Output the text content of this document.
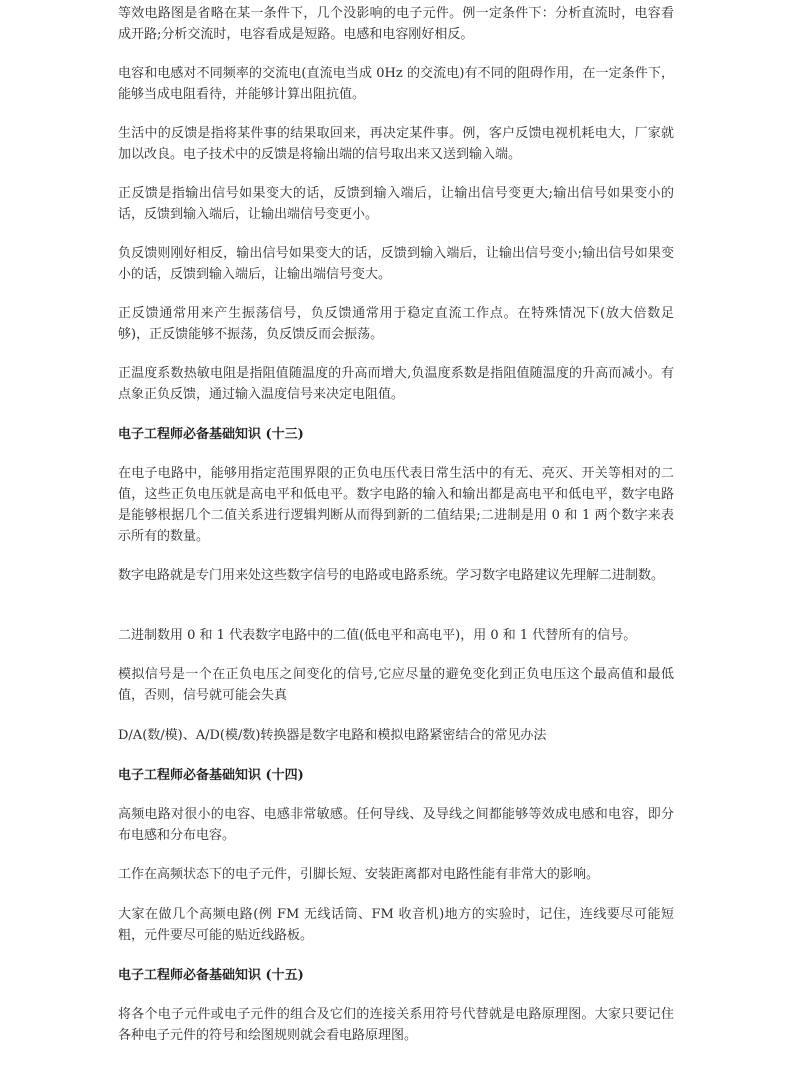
等效电路图是省略在某一条件下，几个没影响的电子元件。例一定条件下：分析直流时，电容看成开路;分析交流时，电容看成是短路。电感和电容刚好相反。

电容和电感对不同频率的交流电(直流电当成 0Hz 的交流电)有不同的阻碍作用，在一定条件下，能够当成电阻看待，并能够计算出阻抗值。

生活中的反馈是指将某件事的结果取回来，再决定某件事。例，客户反馈电视机耗电大，厂家就加以改良。电子技术中的反馈是将输出端的信号取出来又送到输入端。

正反馈是指输出信号如果变大的话，反馈到输入端后，让输出信号变更大;输出信号如果变小的话，反馈到输入端后，让输出端信号变更小。

负反馈则刚好相反，输出信号如果变大的话，反馈到输入端后，让输出信号变小;输出信号如果变小的话，反馈到输入端后，让输出端信号变大。

正反馈通常用来产生振荡信号，负反馈通常用于稳定直流工作点。在特殊情况下(放大倍数足够)，正反馈能够不振荡，负反馈反而会振荡。

正温度系数热敏电阻是指阻值随温度的升高而增大,负温度系数是指阻值随温度的升高而减小。有点象正负反馈，通过输入温度信号来决定电阻值。

电子工程师必备基础知识 (十三)

在电子电路中，能够用指定范围界限的正负电压代表日常生活中的有无、亮灭、开关等相对的二值，这些正负电压就是高电平和低电平。数字电路的输入和输出都是高电平和低电平，数字电路是能够根据几个二值关系进行逻辑判断从而得到新的二值结果;二进制是用 0 和 1 两个数字来表示所有的数量。

数字电路就是专门用来处这些数字信号的电路或电路系统。学习数字电路建议先理解二进制数。

二进制数用 0 和 1 代表数字电路中的二值(低电平和高电平)，用 0 和 1 代替所有的信号。

模拟信号是一个在正负电压之间变化的信号,它应尽量的避免变化到正负电压这个最高值和最低值，否则，信号就可能会失真

D/A(数/模)、A/D(模/数)转换器是数字电路和模拟电路紧密结合的常见办法

电子工程师必备基础知识 (十四)

高频电路对很小的电容、电感非常敏感。任何导线、及导线之间都能够等效成电感和电容，即分布电感和分布电容。

工作在高频状态下的电子元件，引脚长短、安装距离都对电路性能有非常大的影响。

大家在做几个高频电路(例 FM 无线话筒、FM 收音机)地方的实验时，记住，连线要尽可能短粗，元件要尽可能的贴近线路板。

电子工程师必备基础知识 (十五)

将各个电子元件或电子元件的组合及它们的连接关系用符号代替就是电路原理图。大家只要记住各种电子元件的符号和绘图规则就会看电路原理图。
